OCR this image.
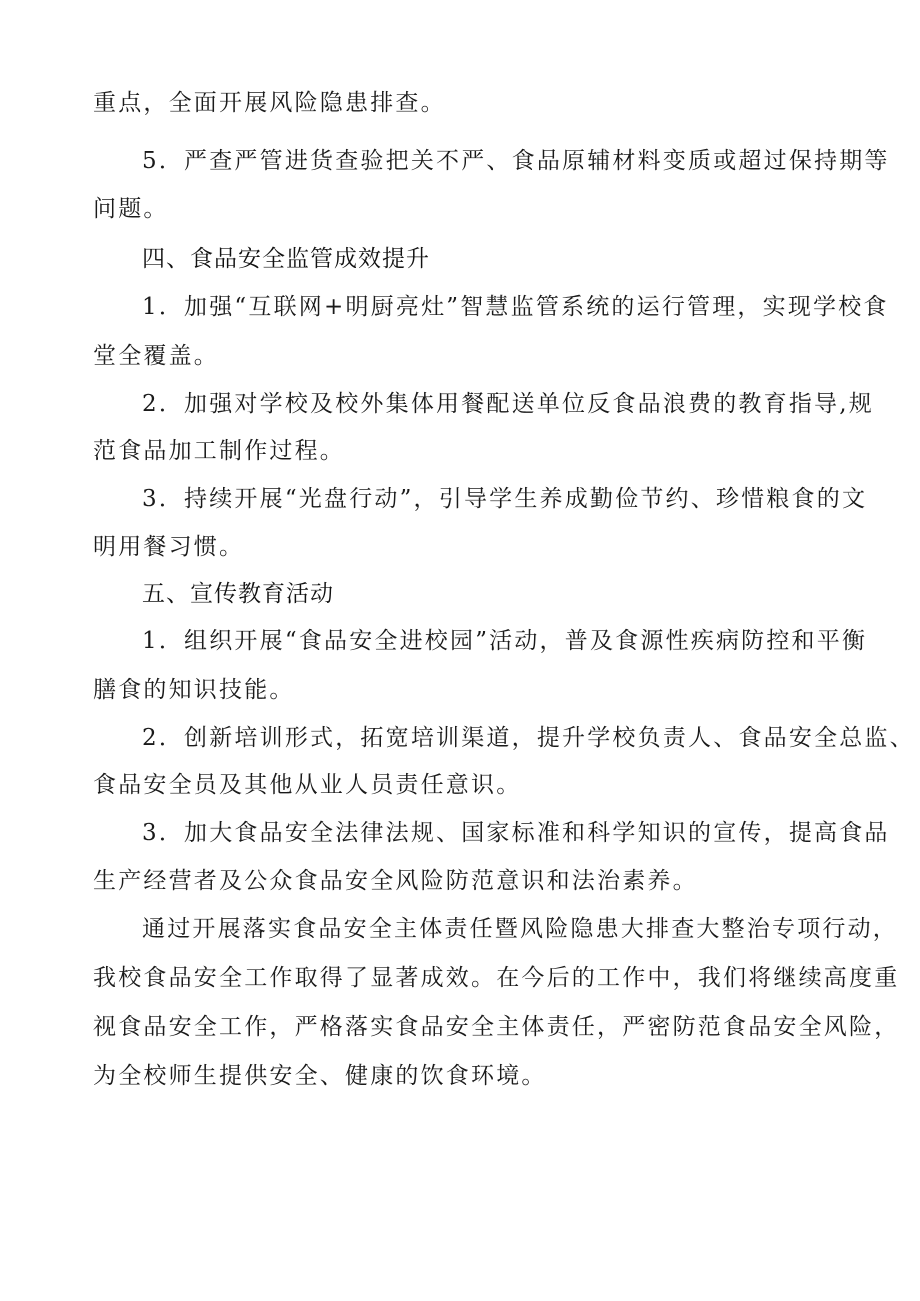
重点，全面开展风险隐患排查。
5．严查严管进货查验把关不严、食品原辅材料变质或超过保持期等
问题。
四、食品安全监管成效提升
1．加强“互联网+明厨亮灶”智慧监管系统的运行管理，实现学校食
堂全覆盖。
2．加强对学校及校外集体用餐配送单位反食品浪费的教育指导,规
范食品加工制作过程。
3．持续开展“光盘行动”，引导学生养成勤俭节约、珍惜粮食的文
明用餐习惯。
五、宣传教育活动
1．组织开展“食品安全进校园”活动，普及食源性疾病防控和平衡
膳食的知识技能。
2．创新培训形式，拓宽培训渠道，提升学校负责人、食品安全总监、
食品安全员及其他从业人员责任意识。
3．加大食品安全法律法规、国家标准和科学知识的宣传，提高食品
生产经营者及公众食品安全风险防范意识和法治素养。
通过开展落实食品安全主体责任暨风险隐患大排查大整治专项行动，
我校食品安全工作取得了显著成效。在今后的工作中，我们将继续高度重
视食品安全工作，严格落实食品安全主体责任，严密防范食品安全风险，
为全校师生提供安全、健康的饮食环境。
